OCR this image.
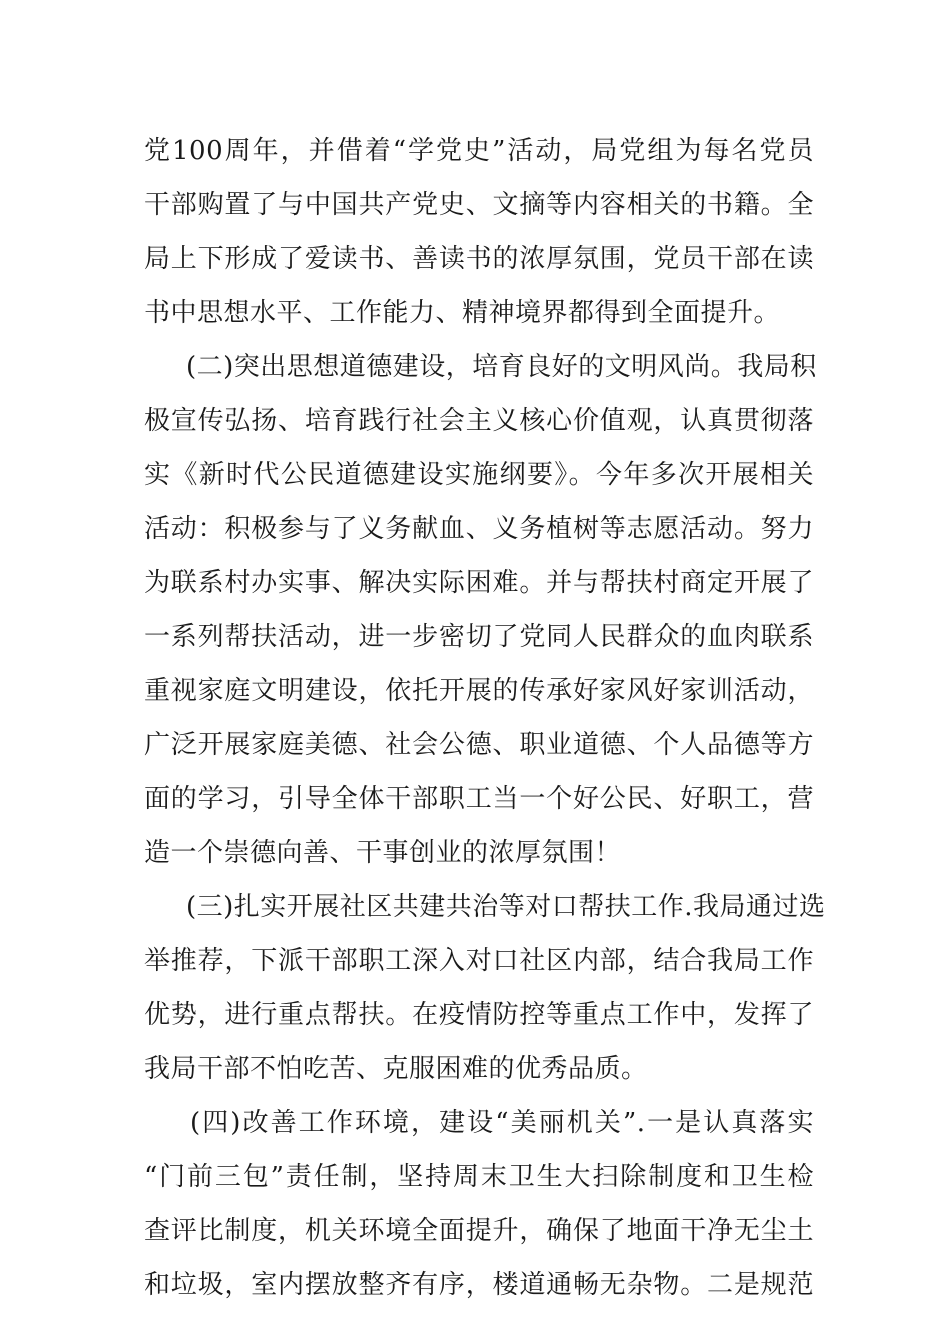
党100周年，并借着“学党史”活动，局党组为每名党员
干部购置了与中国共产党史、文摘等内容相关的书籍。全
局上下形成了爱读书、善读书的浓厚氛围，党员干部在读
书中思想水平、工作能力、精神境界都得到全面提升。
(二)突出思想道德建设，培育良好的文明风尚。我局积
极宣传弘扬、培育践行社会主义核心价值观，认真贯彻落
实《新时代公民道德建设实施纲要》。今年多次开展相关
活动：积极参与了义务献血、义务植树等志愿活动。努力
为联系村办实事、解决实际困难。并与帮扶村商定开展了
一系列帮扶活动，进一步密切了党同人民群众的血肉联系
重视家庭文明建设，依托开展的传承好家风好家训活动，
广泛开展家庭美德、社会公德、职业道德、个人品德等方
面的学习，引导全体干部职工当一个好公民、好职工，营
造一个崇德向善、干事创业的浓厚氛围！
(三)扎实开展社区共建共治等对口帮扶工作.我局通过选
举推荐，下派干部职工深入对口社区内部，结合我局工作
优势，进行重点帮扶。在疫情防控等重点工作中，发挥了
我局干部不怕吃苦、克服困难的优秀品质。
(四)改善工作环境，建设“美丽机关”.一是认真落实
“门前三包”责任制，坚持周末卫生大扫除制度和卫生检
查评比制度，机关环境全面提升，确保了地面干净无尘土
和垃圾，室内摆放整齐有序，楼道通畅无杂物。二是规范
